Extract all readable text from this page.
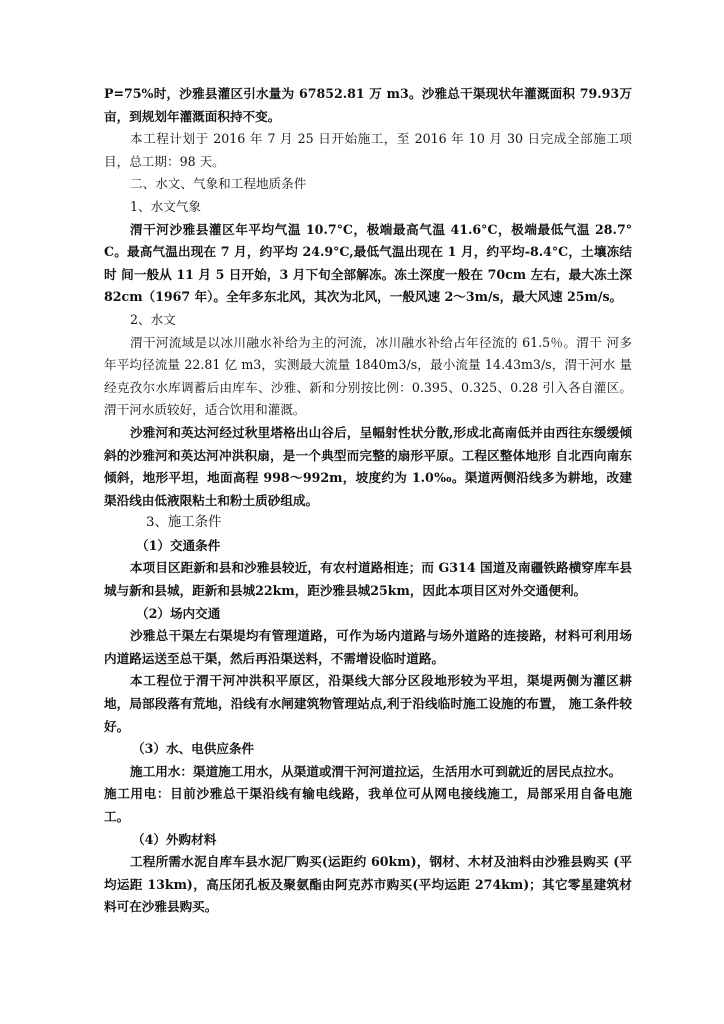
P=75%时，沙雅县灌区引水量为 67852.81 万 m3。沙雅总干渠现状年灌溉面积 79.93万亩，到规划年灌溉面积持不变。

本工程计划于 2016 年 7 月 25 日开始施工，至 2016 年 10 月 30 日完成全部施工项目，总工期：98 天。

二、水文、气象和工程地质条件

1、水文气象

渭干河沙雅县灌区年平均气温 10.7°C，极端最高气温 41.6°C，极端最低气温 28.7°C。最高气温出现在 7 月，约平均 24.9°C,最低气温出现在 1 月，约平均-8.4°C，土壤冻结时 间一般从 11 月 5 日开始，3 月下旬全部解冻。冻土深度一般在 70cm 左右，最大冻土深 82cm（1967 年）。全年多东北风，其次为北风，一般风速 2〜3m/s，最大风速 25m/s。

2、水文

渭干河流域是以冰川融水补给为主的河流，冰川融水补给占年径流的 61.5％。渭干 河多年平均径流量 22.81 亿 m3，实测最大流量 1840m3/s，最小流量 14.43m3/s，渭干河水 量经克孜尔水库调蓄后由库车、沙雅、新和分别按比例：0.395、0.325、0.28 引入各自灌区。渭干河水质较好，适合饮用和灌溉。

沙雅河和英达河经过秋里塔格出山谷后，呈幅射性状分散,形成北高南低并由西往东缓缓倾斜的沙雅河和英达河冲洪积扇，是一个典型而完整的扇形平原。工程区整体地形 自北西向南东倾斜，地形平坦，地面高程 998〜992m，坡度约为 1.0‰。渠道两侧沿线多为耕地，改建渠沿线由低液限粘土和粉土质砂组成。

3、施工条件

（1）交通条件

本项目区距新和县和沙雅县较近，有农村道路相连；而 G314 国道及南疆铁路横穿库车县城与新和县城，距新和县城22km，距沙雅县城25km，因此本项目区对外交通便利。

（2）场内交通

沙雅总干渠左右渠堤均有管理道路，可作为场内道路与场外道路的连接路，材料可利用场内道路运送至总干渠，然后再沿渠送料，不需增设临时道路。

本工程位于渭干河冲洪积平原区，沿渠线大部分区段地形较为平坦，渠堤两侧为灌区耕地，局部段落有荒地，沿线有水闸建筑物管理站点,利于沿线临时施工设施的布置， 施工条件较好。

（3）水、电供应条件

施工用水：渠道施工用水，从渠道或渭干河河道拉运，生活用水可到就近的居民点拉水。

施工用电：目前沙雅总干渠沿线有输电线路，我单位可从网电接线施工，局部采用自备电施工。

（4）外购材料

工程所需水泥自库车县水泥厂购买(运距约 60km)，钢材、木材及油料由沙雅县购买 (平均运距 13km)，高压闭孔板及聚氨酯由阿克苏市购买(平均运距 274km)；其它零星建筑材料可在沙雅县购买。
